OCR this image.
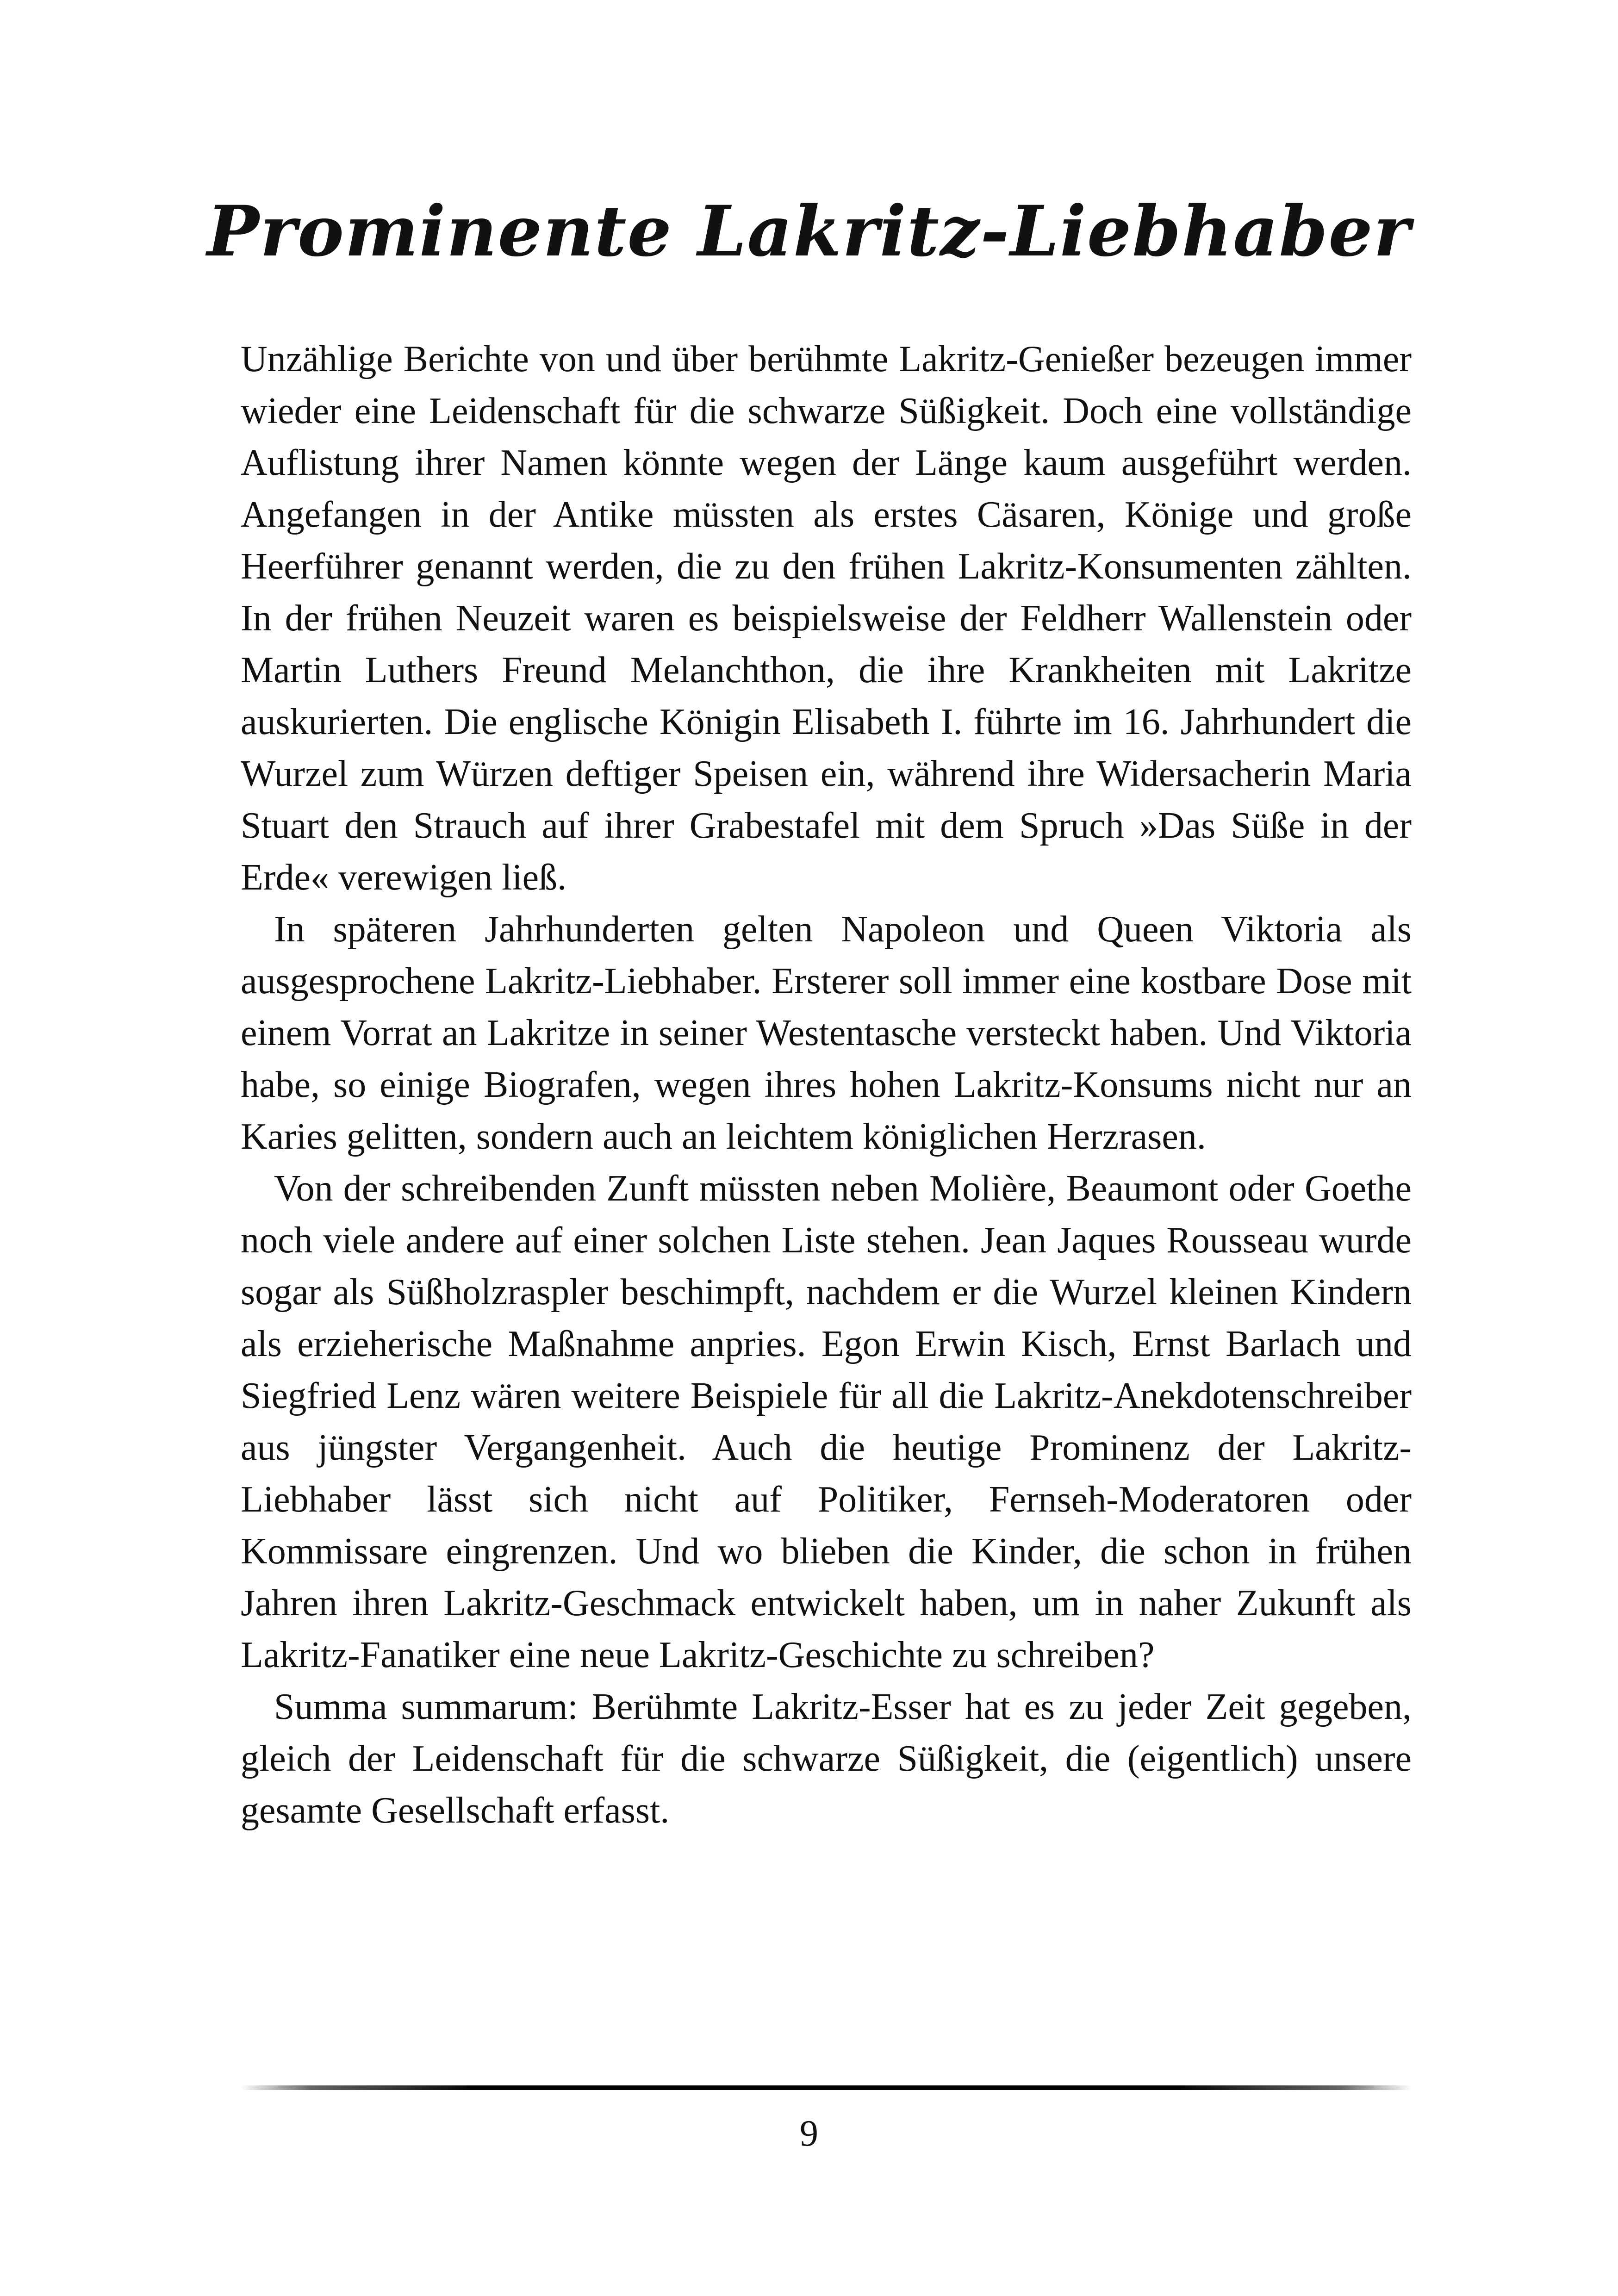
Prominente Lakritz-Liebhaber

Unzählige Berichte von und über berühmte Lakritz-Genießer bezeugen immer wieder eine Leidenschaft für die schwarze Süßigkeit. Doch eine vollständige Auflistung ihrer Namen könnte wegen der Länge kaum ausgeführt werden. Angefangen in der Antike müssten als erstes Cäsaren, Könige und große Heerführer genannt werden, die zu den frühen Lakritz-Konsumenten zählten. In der frühen Neuzeit waren es beispielsweise der Feldherr Wallenstein oder Martin Luthers Freund Melanchthon, die ihre Krankheiten mit Lakritze auskurierten. Die englische Königin Elisabeth I. führte im 16. Jahrhundert die Wurzel zum Würzen deftiger Speisen ein, während ihre Widersacherin Maria Stuart den Strauch auf ihrer Grabestafel mit dem Spruch »Das Süße in der Erde« verewigen ließ.

In späteren Jahrhunderten gelten Napoleon und Queen Viktoria als ausgesprochene Lakritz-Liebhaber. Ersterer soll immer eine kostbare Dose mit einem Vorrat an Lakritze in seiner Westentasche versteckt haben. Und Viktoria habe, so einige Biografen, wegen ihres hohen Lakritz-Konsums nicht nur an Karies gelitten, sondern auch an leichtem königlichen Herzrasen.

Von der schreibenden Zunft müssten neben Molière, Beaumont oder Goethe noch viele andere auf einer solchen Liste stehen. Jean Jaques Rousseau wurde sogar als Süßholzraspler beschimpft, nachdem er die Wurzel kleinen Kindern als erzieherische Maßnahme anpries. Egon Erwin Kisch, Ernst Barlach und Siegfried Lenz wären weitere Beispiele für all die Lakritz-Anekdotenschreiber aus jüngster Vergangenheit. Auch die heutige Prominenz der Lakritz-Liebhaber lässt sich nicht auf Politiker, Fernseh-Moderatoren oder Kommissare eingrenzen. Und wo blieben die Kinder, die schon in frühen Jahren ihren Lakritz-Geschmack entwickelt haben, um in naher Zukunft als Lakritz-Fanatiker eine neue Lakritz-Geschichte zu schreiben?

Summa summarum: Berühmte Lakritz-Esser hat es zu jeder Zeit gegeben, gleich der Leidenschaft für die schwarze Süßigkeit, die (eigentlich) unsere gesamte Gesellschaft erfasst.

9
